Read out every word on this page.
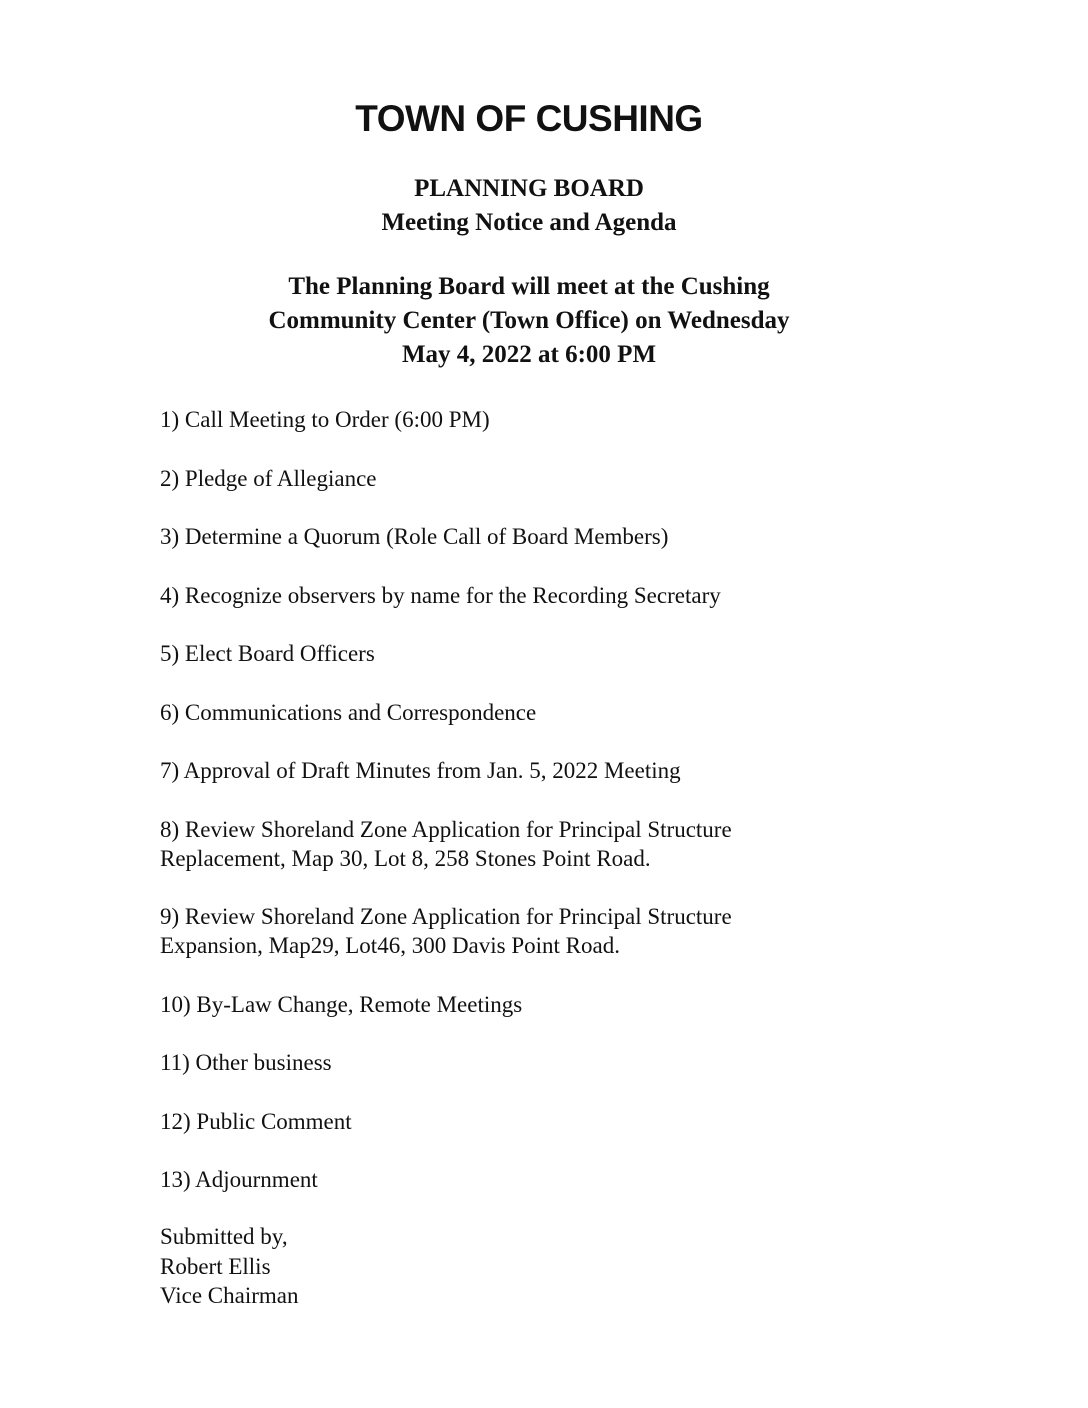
TOWN OF CUSHING
PLANNING BOARD
Meeting Notice and Agenda
The Planning Board will meet at the Cushing
Community Center (Town Office) on Wednesday
May 4, 2022 at 6:00 PM
1) Call Meeting to Order (6:00 PM)
2) Pledge of Allegiance
3) Determine a Quorum (Role Call of Board Members)
4) Recognize observers by name for the Recording Secretary
5) Elect Board Officers
6) Communications and Correspondence
7) Approval of Draft Minutes from Jan. 5, 2022 Meeting
8) Review Shoreland Zone Application for Principal Structure
Replacement, Map 30, Lot 8, 258 Stones Point Road.
9) Review Shoreland Zone Application for Principal Structure
Expansion, Map29, Lot46, 300 Davis Point Road.
10) By-Law Change, Remote Meetings
11) Other business
12) Public Comment
13) Adjournment
Submitted by,
Robert Ellis
Vice Chairman
